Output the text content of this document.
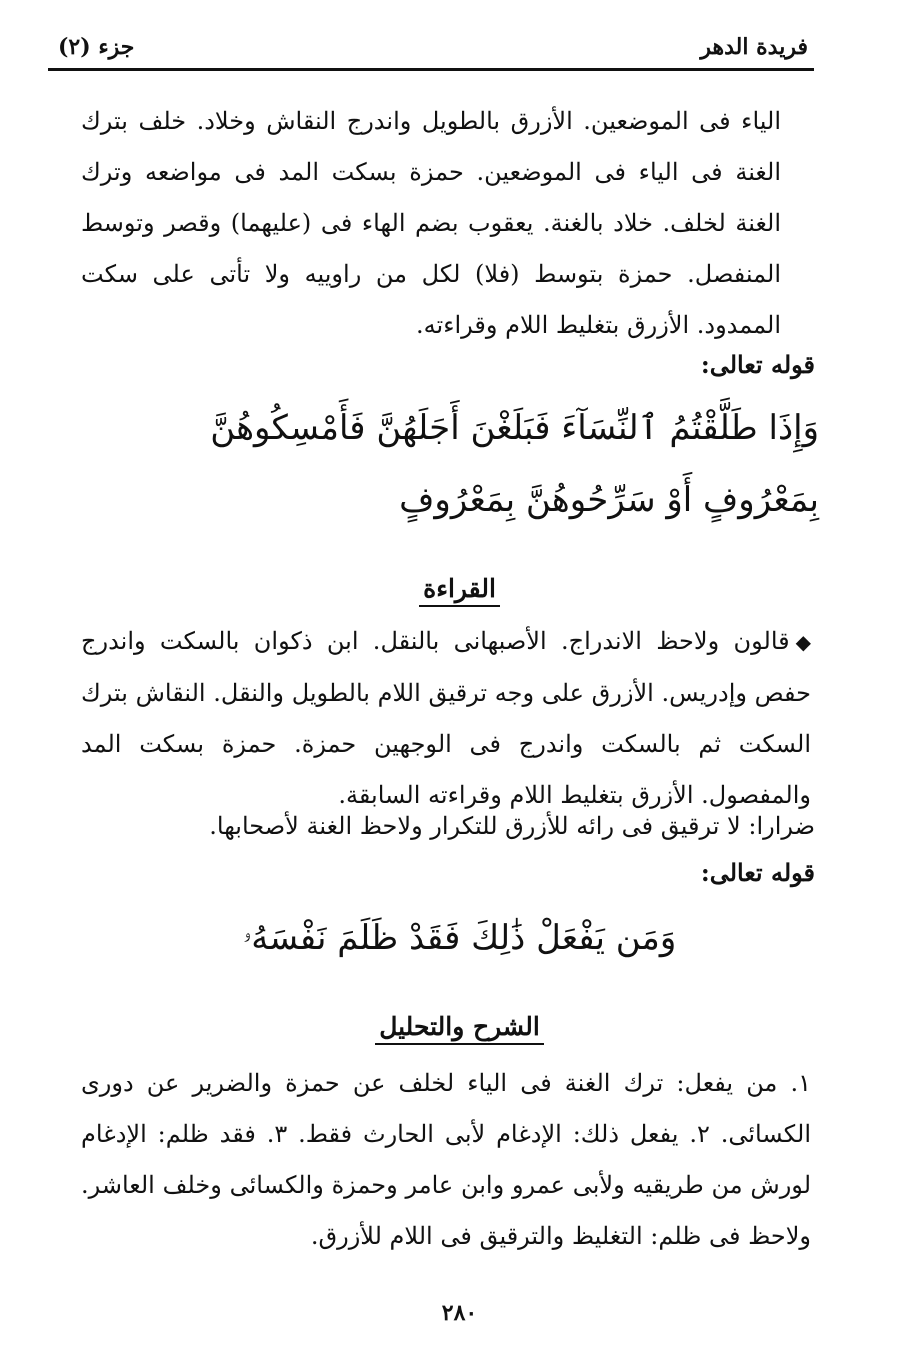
فريدة الدهر
جزء (٢)

الياء فى الموضعين. الأزرق بالطويل واندرج النقاش وخلاد. خلف بترك الغنة فى الياء فى الموضعين. حمزة بسكت المد فى مواضعه وترك الغنة لخلف. خلاد بالغنة. يعقوب بضم الهاء فى (عليهما) وقصر وتوسط المنفصل. حمزة بتوسط (فلا) لكل من راوييه ولا تأتى على سكت الممدود. الأزرق بتغليط اللام وقراءته.

قوله تعالى:
وَإِذَا طَلَّقْتُمُ ٱلنِّسَآءَ فَبَلَغْنَ أَجَلَهُنَّ فَأَمْسِكُوهُنَّ بِمَعْرُوفٍ أَوْ سَرِّحُوهُنَّ بِمَعْرُوفٍ
القراءة

◆قالون ولاحظ الاندراج. الأصبهانى بالنقل. ابن ذكوان بالسكت واندرج حفص وإدريس. الأزرق على وجه ترقيق اللام بالطويل والنقل. النقاش بترك السكت ثم بالسكت واندرج فى الوجهين حمزة. حمزة بسكت المد والمفصول. الأزرق بتغليط اللام وقراءته السابقة.

ضرارا: لا ترقيق فى رائه للأزرق للتكرار ولاحظ الغنة لأصحابها.
قوله تعالى:
وَمَن يَفْعَلْ ذَٰلِكَ فَقَدْ ظَلَمَ نَفْسَهُۥ
الشرح والتحليل

١. من يفعل: ترك الغنة فى الياء لخلف عن حمزة والضرير عن دورى الكسائى. ٢. يفعل ذلك: الإدغام لأبى الحارث فقط. ٣. فقد ظلم: الإدغام لورش من طريقيه ولأبى عمرو وابن عامر وحمزة والكسائى وخلف العاشر. ولاحظ فى ظلم: التغليظ والترقيق فى اللام للأزرق.

٢٨٠
